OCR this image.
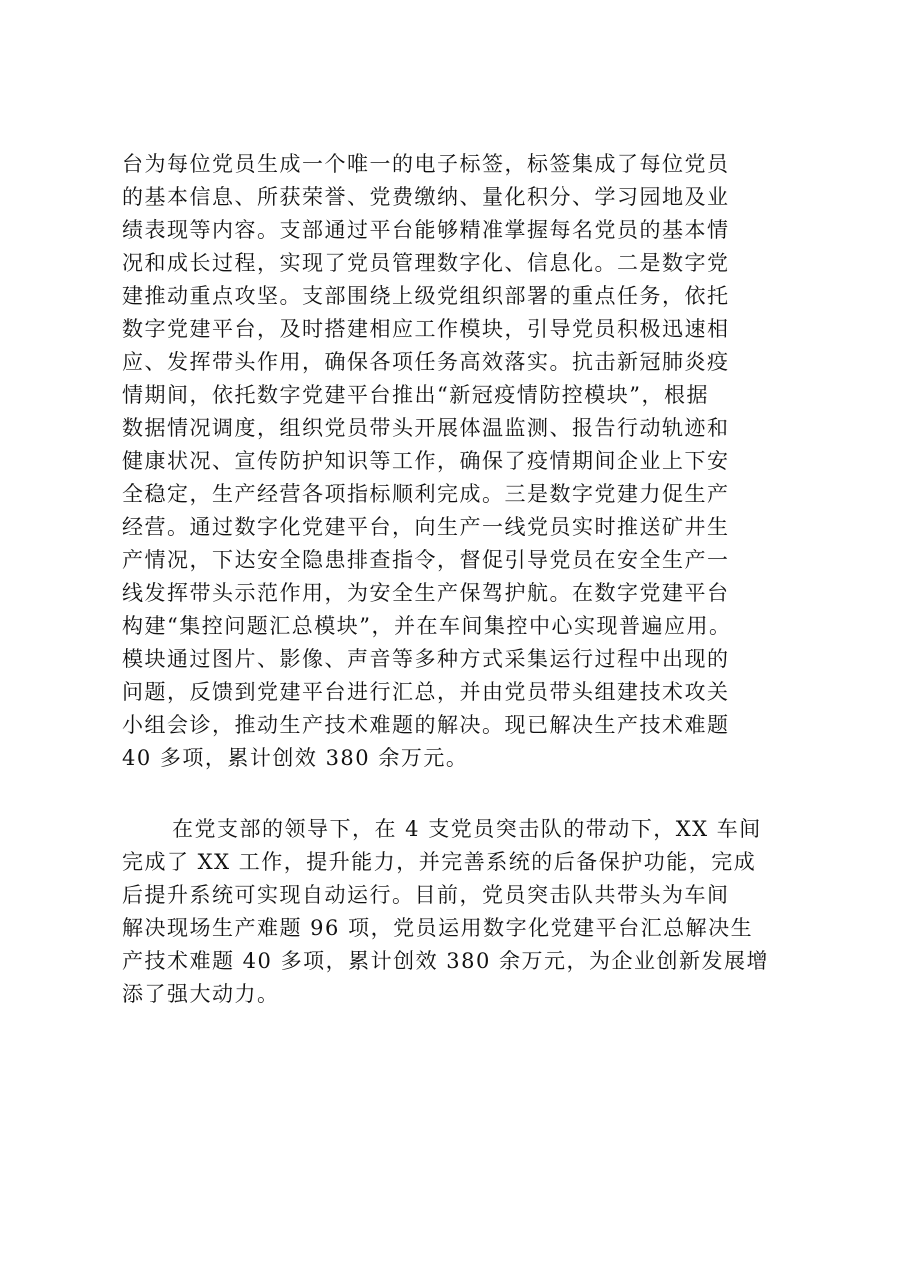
台为每位党员生成一个唯一的电子标签，标签集成了每位党员
的基本信息、所获荣誉、党费缴纳、量化积分、学习园地及业
绩表现等内容。支部通过平台能够精准掌握每名党员的基本情
况和成长过程，实现了党员管理数字化、信息化。二是数字党
建推动重点攻坚。支部围绕上级党组织部署的重点任务，依托
数字党建平台，及时搭建相应工作模块，引导党员积极迅速相
应、发挥带头作用，确保各项任务高效落实。抗击新冠肺炎疫
情期间，依托数字党建平台推出“新冠疫情防控模块”，根据
数据情况调度，组织党员带头开展体温监测、报告行动轨迹和
健康状况、宣传防护知识等工作，确保了疫情期间企业上下安
全稳定，生产经营各项指标顺利完成。三是数字党建力促生产
经营。通过数字化党建平台，向生产一线党员实时推送矿井生
产情况，下达安全隐患排查指令，督促引导党员在安全生产一
线发挥带头示范作用，为安全生产保驾护航。在数字党建平台
构建“集控问题汇总模块”，并在车间集控中心实现普遍应用。
模块通过图片、影像、声音等多种方式采集运行过程中出现的
问题，反馈到党建平台进行汇总，并由党员带头组建技术攻关
小组会诊，推动生产技术难题的解决。现已解决生产技术难题
40 多项，累计创效 380 余万元。
在党支部的领导下，在 4 支党员突击队的带动下，XX 车间
完成了 XX 工作，提升能力，并完善系统的后备保护功能，完成
后提升系统可实现自动运行。目前，党员突击队共带头为车间
解决现场生产难题 96 项，党员运用数字化党建平台汇总解决生
产技术难题 40 多项，累计创效 380 余万元，为企业创新发展增
添了强大动力。
